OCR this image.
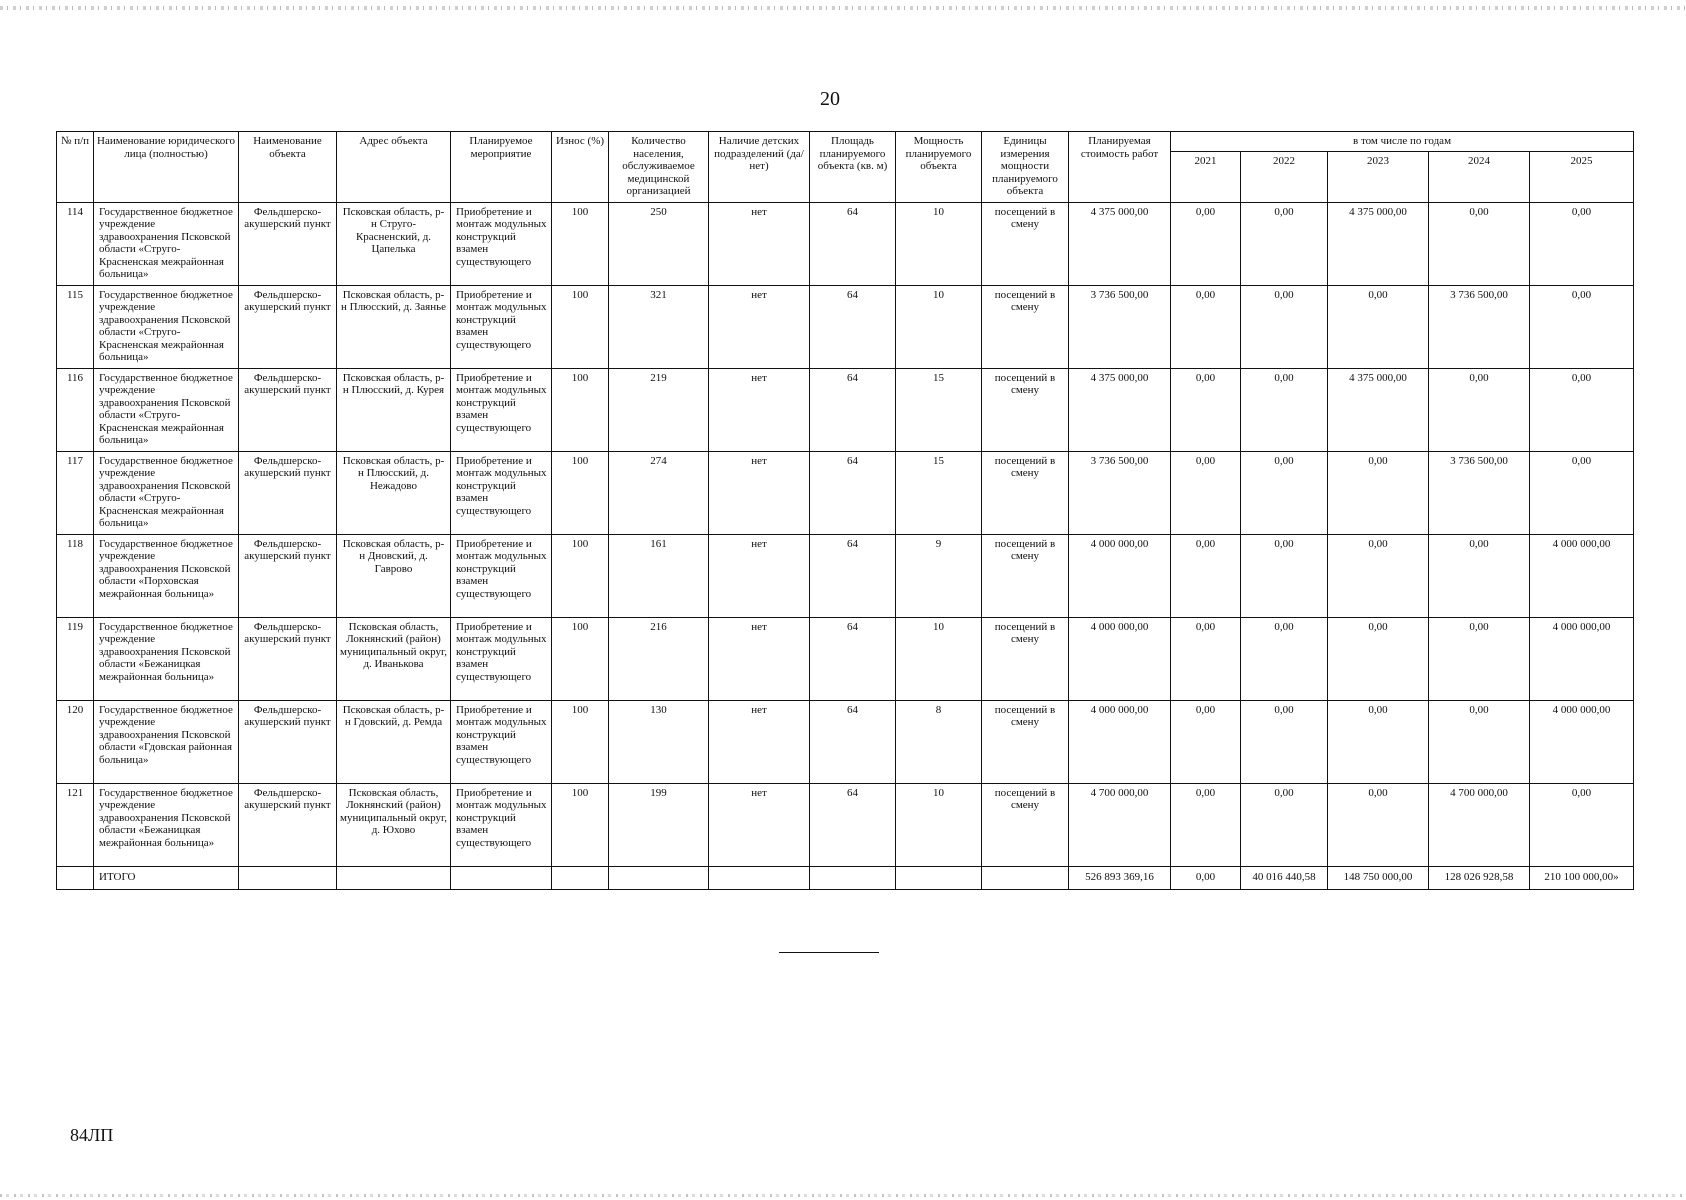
20
№ п/п	Наименование юридического лица (полностью)	Наименование объекта	Адрес объекта	Планируемое мероприятие	Износ (%)	Количество населения, обслуживаемое медицинской организацией	Наличие детских подразделений (да/нет)	Площадь планируемого объекта (кв. м)	Мощность планируемого объекта	Единицы измерения мощности планируемого объекта	Планируемая стоимость работ	в том числе по годам				
												2021	2022	2023	2024	2025
114	Государственное бюджетное учреждение здравоохранения Псковской области «Струго-Красненская межрайонная больница»	Фельдшерско-акушерский пункт	Псковская область, р-н Струго-Красненский, д. Цапелька	Приобретение и монтаж модульных конструкций взамен существующего	100	250	нет	64	10	посещений в смену	4 375 000,00	0,00	0,00	4 375 000,00	0,00	0,00
115	Государственное бюджетное учреждение здравоохранения Псковской области «Струго-Красненская межрайонная больница»	Фельдшерско-акушерский пункт	Псковская область, р-н Плюсский, д. Заянье	Приобретение и монтаж модульных конструкций взамен существующего	100	321	нет	64	10	посещений в смену	3 736 500,00	0,00	0,00	0,00	3 736 500,00	0,00
116	Государственное бюджетное учреждение здравоохранения Псковской области «Струго-Красненская межрайонная больница»	Фельдшерско-акушерский пункт	Псковская область, р-н Плюсский, д. Курея	Приобретение и монтаж модульных конструкций взамен существующего	100	219	нет	64	15	посещений в смену	4 375 000,00	0,00	0,00	4 375 000,00	0,00	0,00
117	Государственное бюджетное учреждение здравоохранения Псковской области «Струго-Красненская межрайонная больница»	Фельдшерско-акушерский пункт	Псковская область, р-н Плюсский, д. Нежадово	Приобретение и монтаж модульных конструкций взамен существующего	100	274	нет	64	15	посещений в смену	3 736 500,00	0,00	0,00	0,00	3 736 500,00	0,00
118	Государственное бюджетное учреждение здравоохранения Псковской области «Порховская межрайонная больница»	Фельдшерско-акушерский пункт	Псковская область, р-н Дновский, д. Гаврово	Приобретение и монтаж модульных конструкций взамен существующего	100	161	нет	64	9	посещений в смену	4 000 000,00	0,00	0,00	0,00	0,00	4 000 000,00
119	Государственное бюджетное учреждение здравоохранения Псковской области «Бежаницкая межрайонная больница»	Фельдшерско-акушерский пункт	Псковская область, Локнянский (район) муниципальный округ, д. Иванькова	Приобретение и монтаж модульных конструкций взамен существующего	100	216	нет	64	10	посещений в смену	4 000 000,00	0,00	0,00	0,00	0,00	4 000 000,00
120	Государственное бюджетное учреждение здравоохранения Псковской области «Гдовская районная больница»	Фельдшерско-акушерский пункт	Псковская область, р-н Гдовский, д. Ремда	Приобретение и монтаж модульных конструкций взамен существующего	100	130	нет	64	8	посещений в смену	4 000 000,00	0,00	0,00	0,00	0,00	4 000 000,00
121	Государственное бюджетное учреждение здравоохранения Псковской области «Бежаницкая межрайонная больница»	Фельдшерско-акушерский пункт	Псковская область, Локнянский (район) муниципальный округ, д. Юхово	Приобретение и монтаж модульных конструкций взамен существующего	100	199	нет	64	10	посещений в смену	4 700 000,00	0,00	0,00	0,00	4 700 000,00	0,00
	ИТОГО										526 893 369,16	0,00	40 016 440,58	148 750 000,00	128 026 928,58	210 100 000,00»
84ЛП
